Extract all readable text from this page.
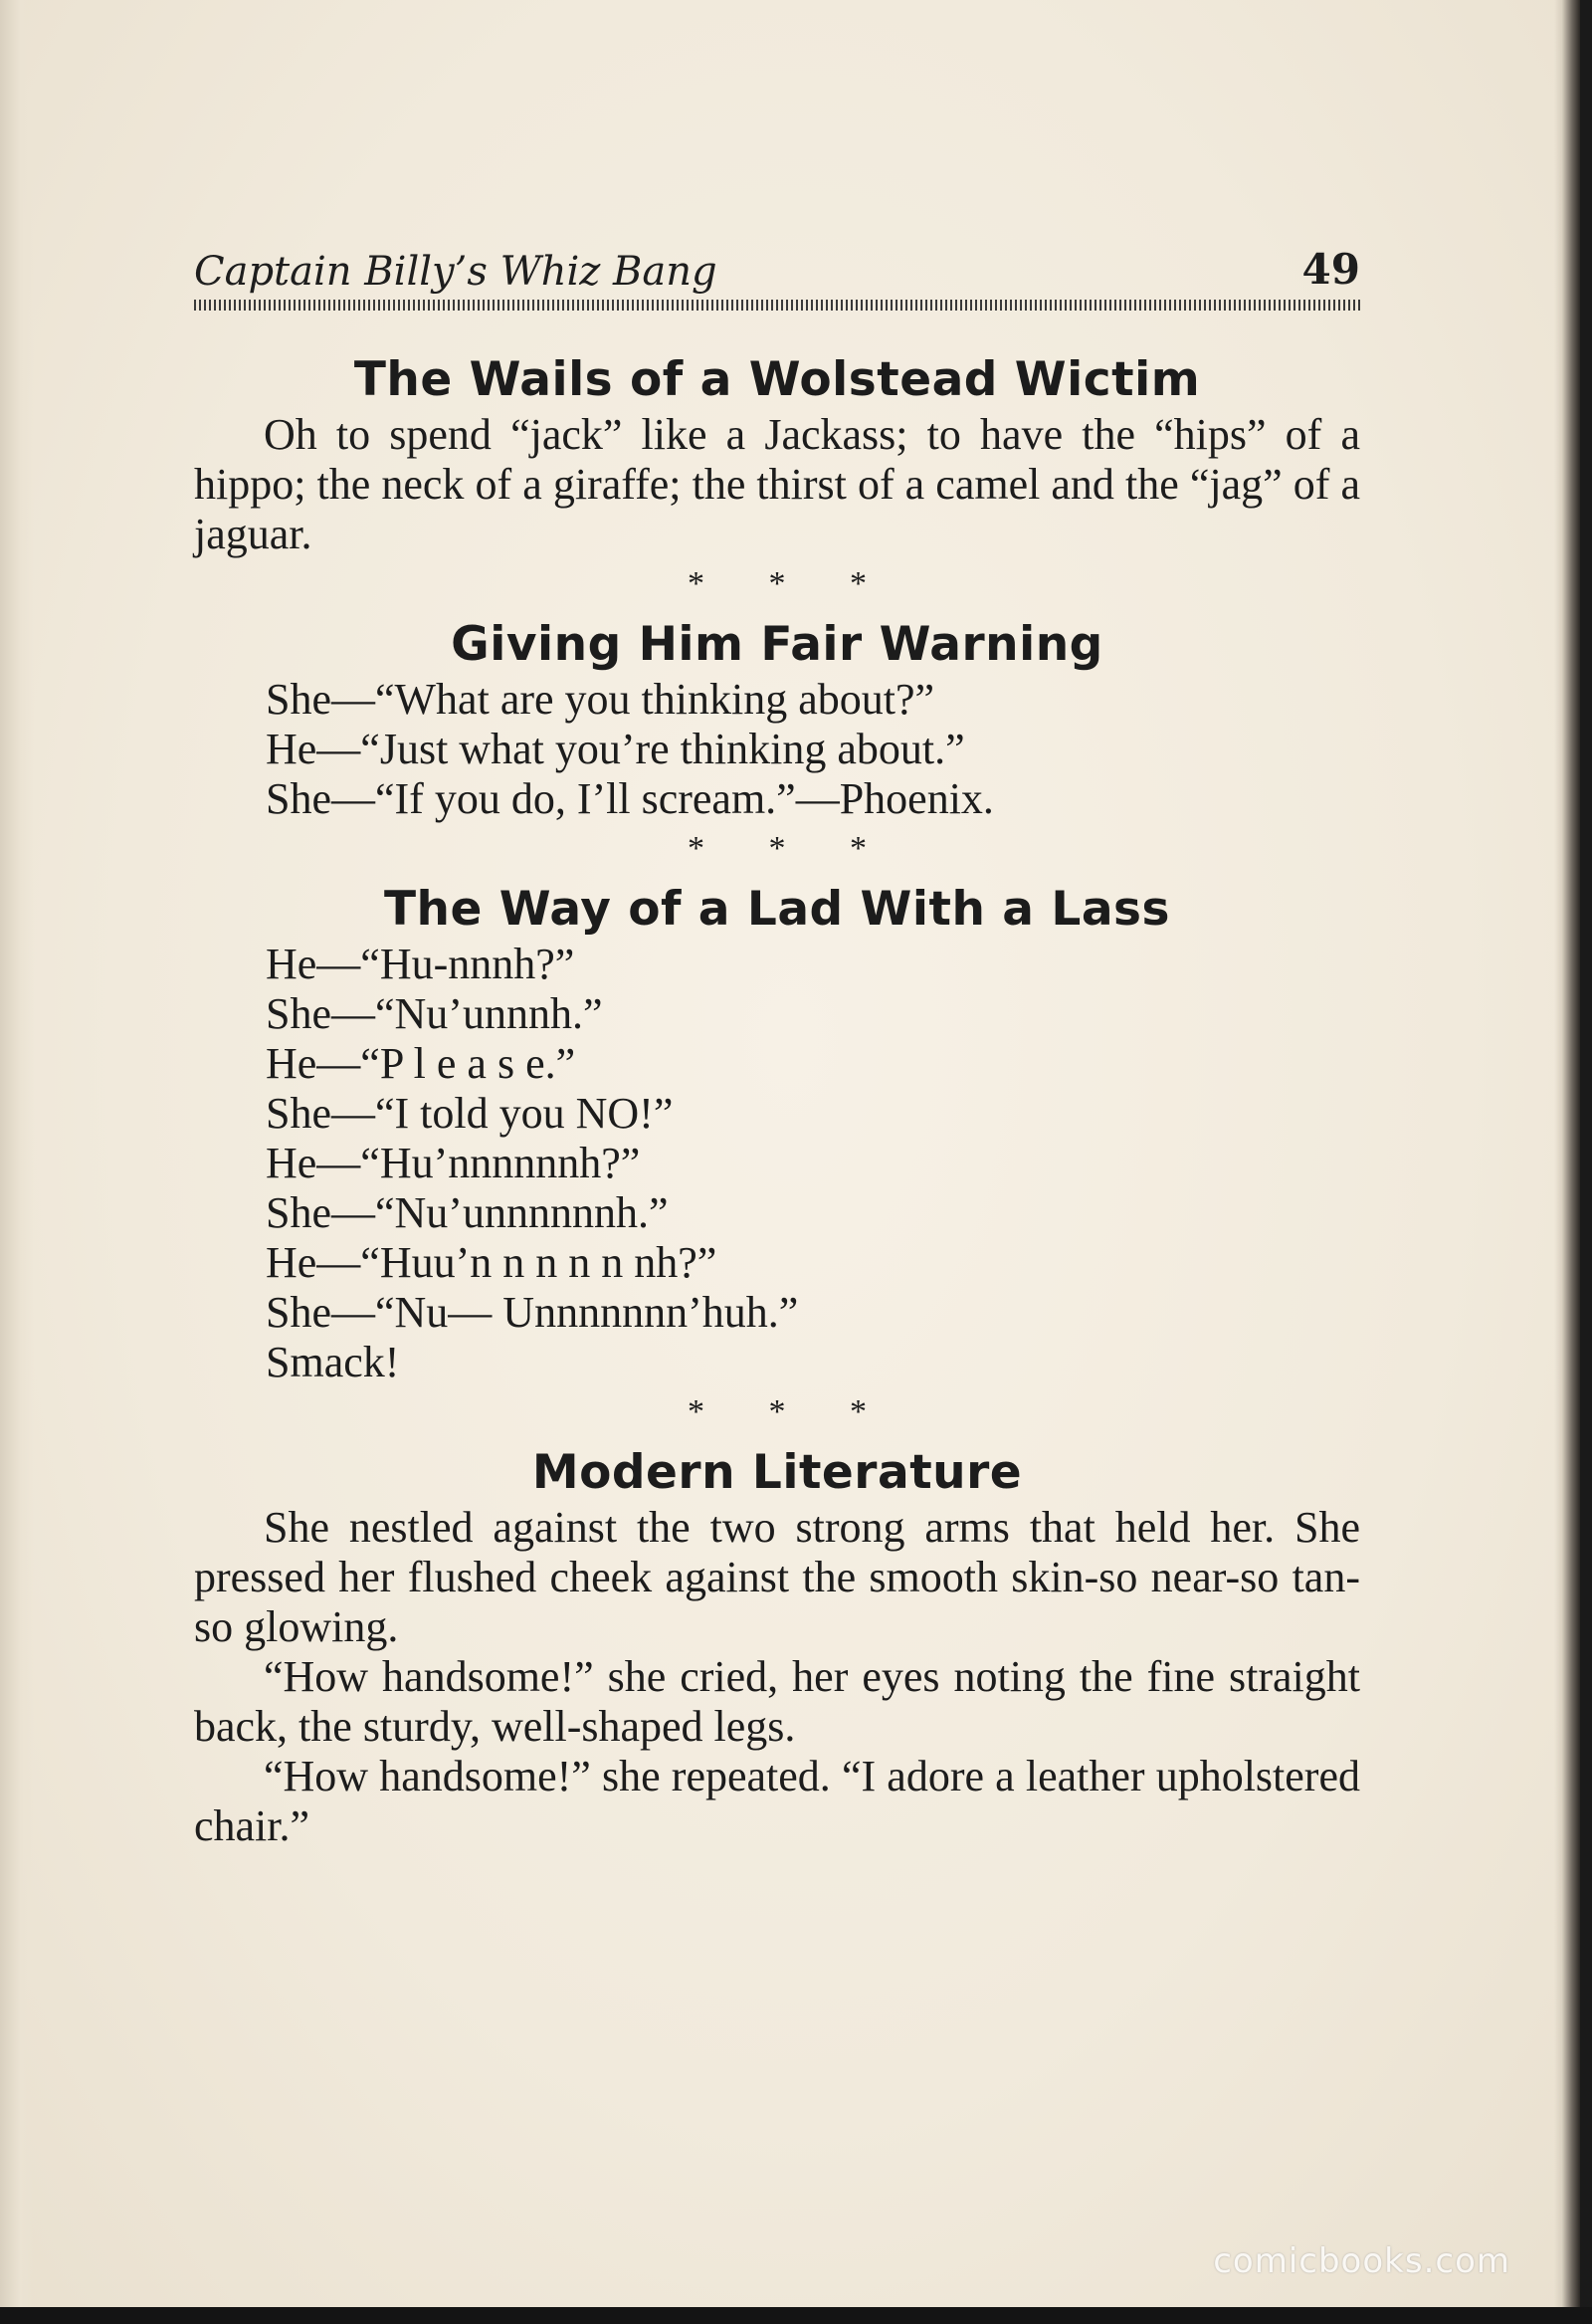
Captain Billy’s Whiz Bang	49
The Wails of a Wolstead Wictim

Oh to spend “jack” like a Jackass; to have the “hips” of a hippo; the neck of a giraffe; the thirst of a camel and the “jag” of a jaguar.

* * *
Giving Him Fair Warning
She—“What are you thinking about?”
He—“Just what you’re thinking about.”
She—“If you do, I’ll scream.”—Phoenix.
* * *
The Way of a Lad With a Lass
He—“Hu-nnnh?”
She—“Nu’unnnh.”
He—“P l e a s e.”
She—“I told you NO!”
He—“Hu’nnnnnnh?”
She—“Nu’unnnnnnh.”
He—“Huu’n n n n n nh?”
She—“Nu— Unnnnnnn’huh.”
Smack!
* * *
Modern Literature

She nestled against the two strong arms that held her. She pressed her flushed cheek against the smooth skin-so near-so tan-so glowing.

“How handsome!” she cried, her eyes noting the fine straight back, the sturdy, well-shaped legs.

“How handsome!” she repeated. “I adore a leather upholstered chair.”

comicbooks.com
